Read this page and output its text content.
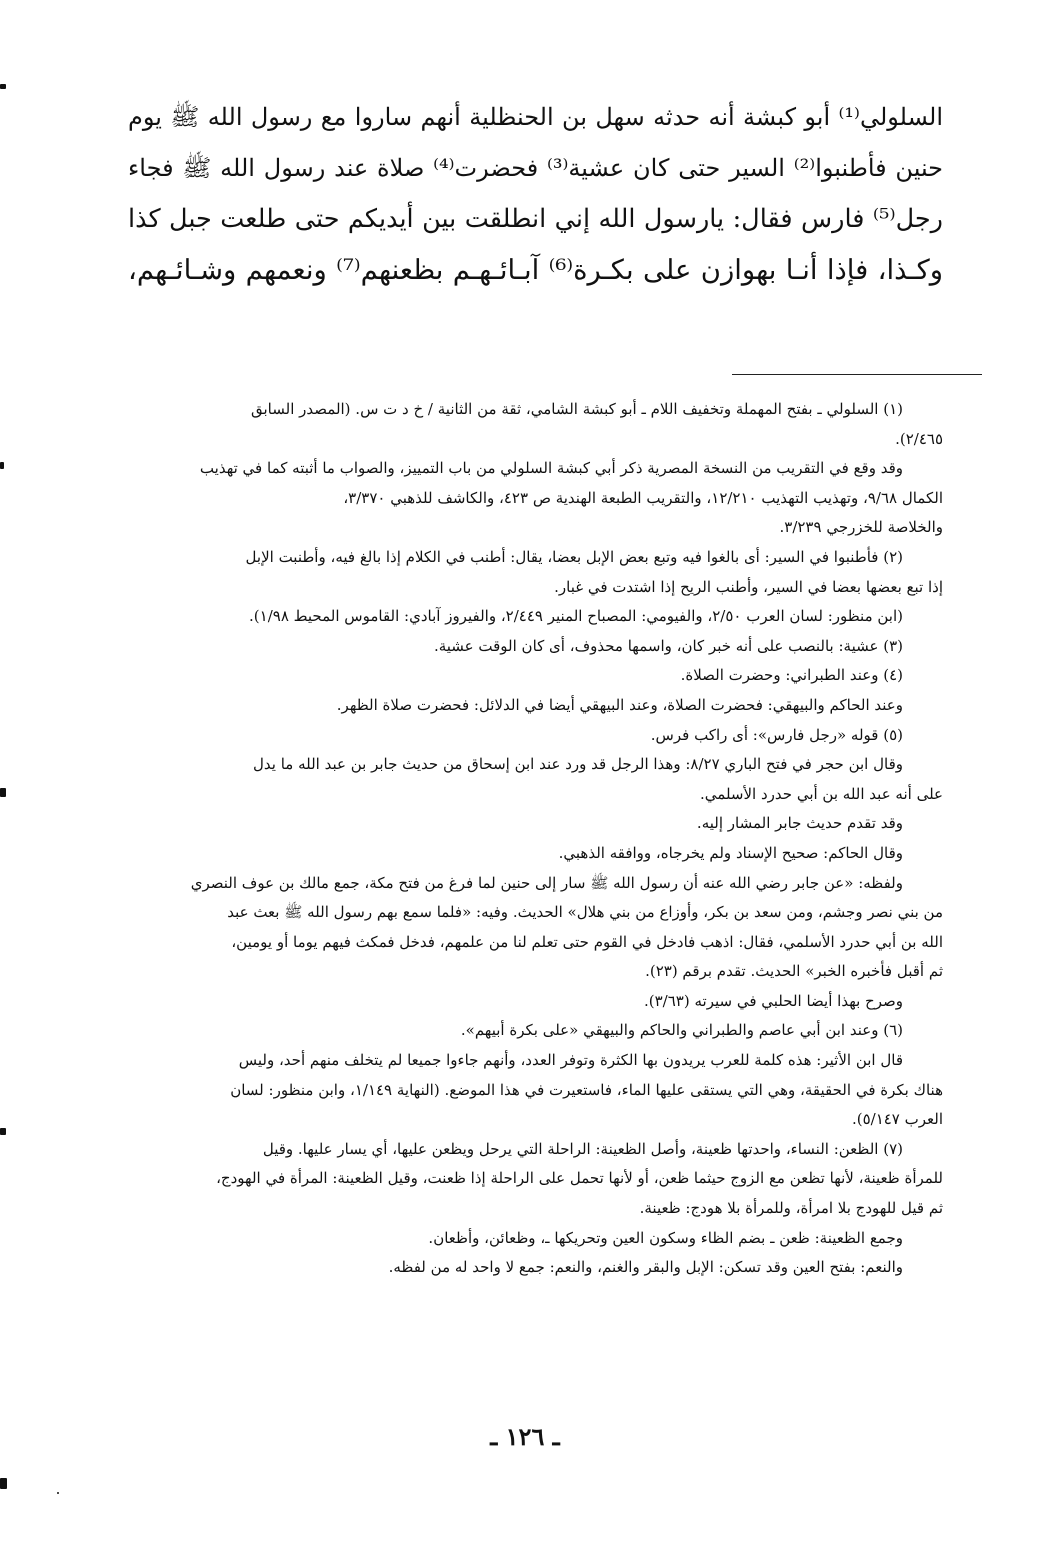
السلولي⁽¹⁾ أبو كبشة أنه حدثه سهل بن الحنظلية أنهم ساروا مع رسول الله ﷺ يوم

حنين فأطنبوا⁽²⁾ السير حتى كان عشية⁽³⁾ فحضرت⁽⁴⁾ صلاة عند رسول الله ﷺ فجاء

رجل⁽⁵⁾ فارس فقال: يارسول الله إني انطلقت بين أيديكم حتى طلعت جبل كذا

وكـذا، فإذا أنـا بهوازن على بكـرة⁽⁶⁾ آبـائـهـم بظعنهم⁽⁷⁾ ونعمهم وشـائـهم،

(١) السلولي ـ بفتح المهملة وتخفيف اللام ـ أبو كبشة الشامي، ثقة من الثانية / خ د ت س. (المصدر السابق

٢/٤٦٥).

وقد وقع في التقريب من النسخة المصرية ذكر أبي كبشة السلولي من باب التمييز، والصواب ما أثبته كما في تهذيب

الكمال ٩/٦٨، وتهذيب التهذيب ١٢/٢١٠، والتقريب الطبعة الهندية ص ٤٢٣، والكاشف للذهبي ٣/٣٧٠،

والخلاصة للخزرجي ٣/٢٣٩.

(٢) فأطنبوا في السير: أى بالغوا فيه وتبع بعض الإبل بعضا، يقال: أطنب في الكلام إذا بالغ فيه، وأطنبت الإبل

إذا تبع بعضها بعضا في السير، وأطنب الريح إذا اشتدت في غبار.

(ابن منظور: لسان العرب ٢/٥٠، والفيومي: المصباح المنير ٢/٤٤٩، والفيروز آبادي: القاموس المحيط ١/٩٨).

(٣) عشية: بالنصب على أنه خبر كان، واسمها محذوف، أى كان الوقت عشية.

(٤) وعند الطبراني: وحضرت الصلاة.

وعند الحاكم والبيهقي: فحضرت الصلاة، وعند البيهقي أيضا في الدلائل: فحضرت صلاة الظهر.

(٥) قوله «رجل فارس»: أى راكب فرس.

وقال ابن حجر في فتح الباري ٨/٢٧: وهذا الرجل قد ورد عند ابن إسحاق من حديث جابر بن عبد الله ما يدل

على أنه عبد الله بن أبي حدرد الأسلمي.

وقد تقدم حديث جابر المشار إليه.

وقال الحاكم: صحيح الإسناد ولم يخرجاه، ووافقه الذهبي.

ولفظه: «عن جابر رضي الله عنه أن رسول الله ﷺ سار إلى حنين لما فرغ من فتح مكة، جمع مالك بن عوف النصري

من بني نصر وجشم، ومن سعد بن بكر، وأوزاع من بني هلال» الحديث. وفيه: «فلما سمع بهم رسول الله ﷺ بعث عبد

الله بن أبي حدرد الأسلمي، فقال: اذهب فادخل في القوم حتى تعلم لنا من علمهم، فدخل فمكث فيهم يوما أو يومين،

ثم أقبل فأخبره الخبر» الحديث. تقدم برقم (٢٣).

وصرح بهذا أيضا الحلبي في سيرته (٣/٦٣).

(٦) وعند ابن أبي عاصم والطبراني والحاكم والبيهقي «على بكرة أبيهم».

قال ابن الأثير: هذه كلمة للعرب يريدون بها الكثرة وتوفر العدد، وأنهم جاءوا جميعا لم يتخلف منهم أحد، وليس

هناك بكرة في الحقيقة، وهي التي يستقى عليها الماء، فاستعيرت في هذا الموضع. (النهاية ١/١٤٩، وابن منظور: لسان

العرب ٥/١٤٧).

(٧) الظعن: النساء، واحدتها ظعينة، وأصل الظعينة: الراحلة التي يرحل ويظعن عليها، أي يسار عليها. وقيل

للمرأة ظعينة، لأنها تظعن مع الزوج حيثما ظعن، أو لأنها تحمل على الراحلة إذا ظعنت، وقيل الظعينة: المرأة في الهودج،

ثم قيل للهودج بلا امرأة، وللمرأة بلا هودج: ظعينة.

وجمع الظعينة: ظعن ـ بضم الظاء وسكون العين وتحريكها ـ، وظعائن، وأظعان.

والنعم: بفتح العين وقد تسكن: الإبل والبقر والغنم، والنعم: جمع لا واحد له من لفظه.

ـ ١٢٦ ـ
